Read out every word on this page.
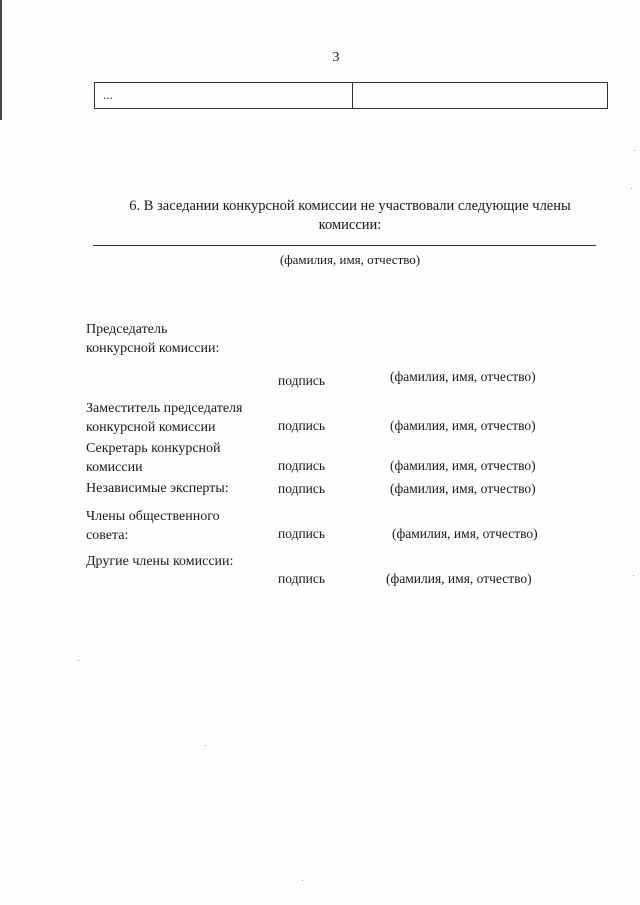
3
...
6. В заседании конкурсной комиссии не участвовали следующие члены комиссии:
(фамилия, имя, отчество)
Председатель конкурсной комиссии:
подпись	(фамилия, имя, отчество)
Заместитель председателя конкурсной комиссии	подпись	(фамилия, имя, отчество)
Секретарь конкурсной комиссии	подпись	(фамилия, имя, отчество)
Независимые эксперты:	подпись	(фамилия, имя, отчество)
Члены общественного совета:	подпись	(фамилия, имя, отчество)
Другие члены комиссии:
подпись	(фамилия, имя, отчество)
